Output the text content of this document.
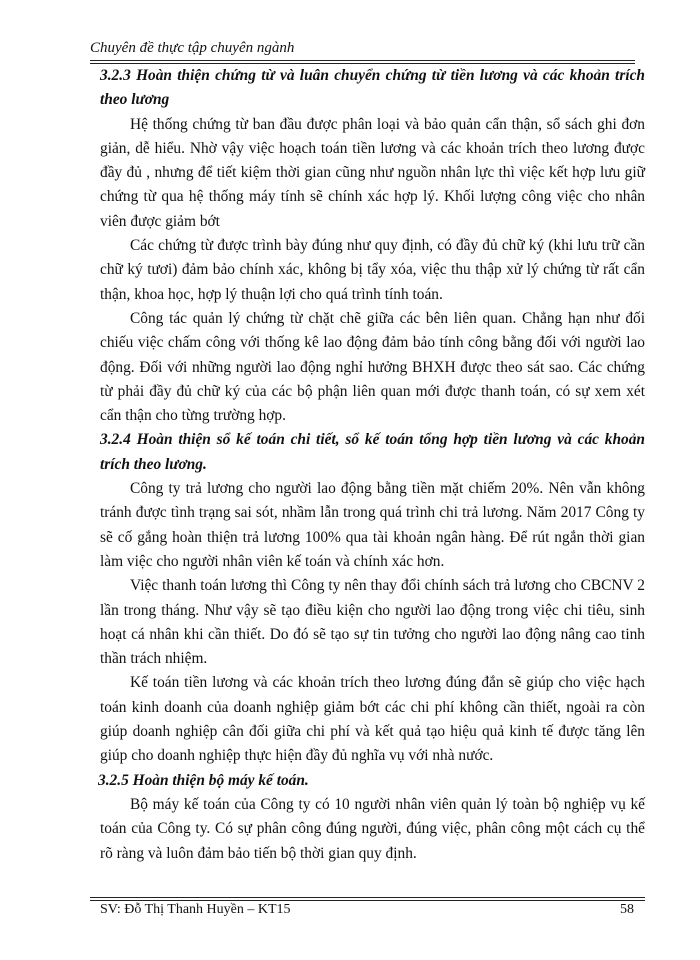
Chuyên đề thực tập chuyên ngành
3.2.3 Hoàn thiện chứng từ và luân chuyển chứng từ tiền lương và các khoản trích theo lương

Hệ thống chứng từ ban đầu được phân loại và bảo quản cẩn thận, sổ sách ghi đơn giản, dễ hiểu. Nhờ vậy việc hoạch toán tiền lương và các khoản trích theo lương được đầy đủ , nhưng để tiết kiệm thời gian cũng như nguồn nhân lực thì việc kết hợp lưu giữ chứng từ qua hệ thống máy tính sẽ chính xác hợp lý. Khối lượng công việc cho nhân viên được giảm bớt

Các chứng từ được trình bày đúng như quy định, có đầy đủ chữ ký (khi lưu trữ cần chữ ký tươi) đảm bảo chính xác, không bị tẩy xóa, việc thu thập xử lý chứng từ rất cẩn thận, khoa học, hợp lý thuận lợi cho quá trình tính toán.

Công tác quản lý chứng từ chặt chẽ giữa các bên liên quan. Chẳng hạn như đối chiếu việc chấm công với thống kê lao động đảm bảo tính công bằng đối với người lao động. Đối với những người lao động nghỉ hưởng BHXH được theo sát sao. Các chứng từ phải đầy đủ chữ ký của các bộ phận liên quan mới được thanh toán, có sự xem xét cẩn thận cho từng trường hợp.

3.2.4 Hoàn thiện sổ kế toán chi tiết, sổ kế toán tổng hợp tiền lương và các khoản trích theo lương.

Công ty trả lương cho người lao động bằng tiền mặt chiếm 20%. Nên vẫn không tránh được tình trạng sai sót, nhầm lẫn trong quá trình chi trả lương. Năm 2017 Công ty sẽ cố gắng hoàn thiện trả lương 100% qua tài khoản ngân hàng. Để rút ngắn thời gian làm việc cho người nhân viên kế toán và chính xác hơn.

Việc thanh toán lương thì Công ty nên thay đổi chính sách trả lương cho CBCNV 2 lần trong tháng. Như vậy sẽ tạo điều kiện cho người lao động trong việc chi tiêu, sinh hoạt cá nhân khi cần thiết. Do đó sẽ tạo sự tin tưởng cho người lao động nâng cao tinh thần trách nhiệm.

Kế toán tiền lương và các khoản trích theo lương đúng đắn sẽ giúp cho việc hạch toán kinh doanh của doanh nghiệp giảm bớt các chi phí không cần thiết, ngoài ra còn giúp doanh nghiệp cân đối giữa chi phí và kết quả tạo hiệu quả kinh tế được tăng lên giúp cho doanh nghiệp thực hiện đầy đủ nghĩa vụ với nhà nước.

3.2.5 Hoàn thiện bộ máy kế toán.

Bộ máy kế toán của Công ty có 10 người nhân viên quản lý toàn bộ nghiệp vụ kế toán của Công ty. Có sự phân công đúng người, đúng việc, phân công một cách cụ thể rõ ràng và luôn đảm bảo tiến bộ thời gian quy định.

SV: Đỗ Thị Thanh Huyền – KT15	58
